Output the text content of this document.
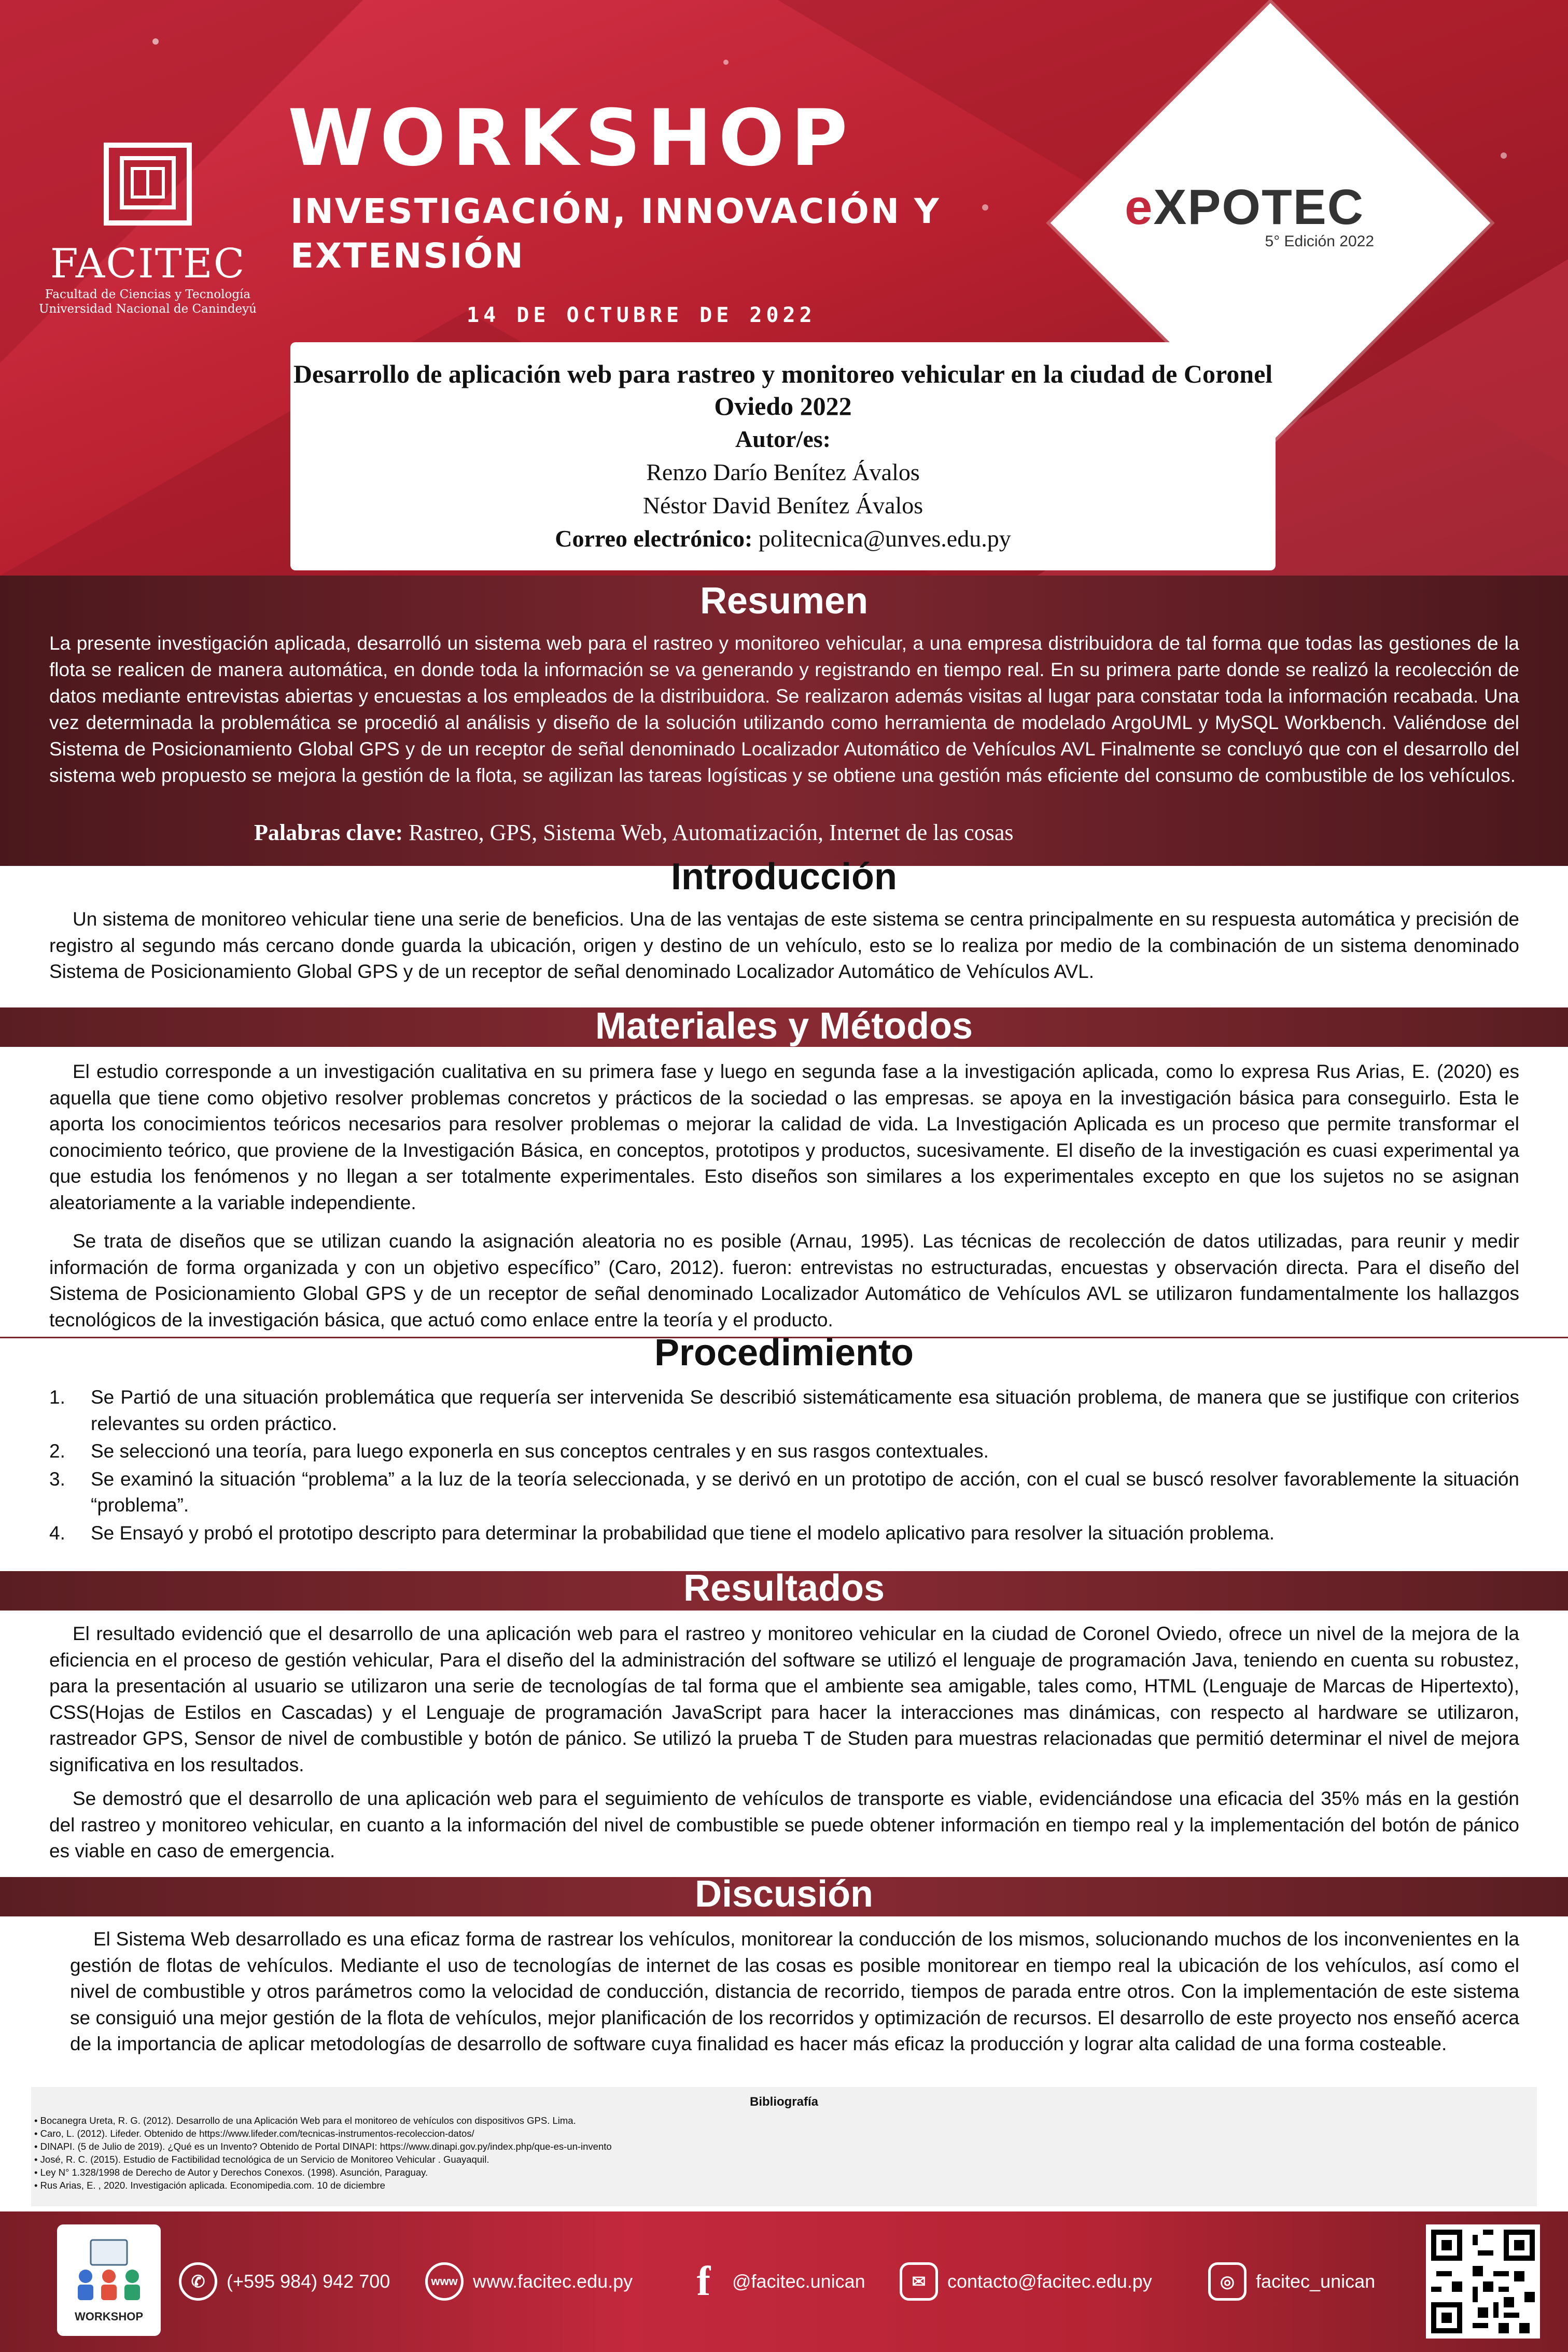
eXPOTEC
5° Edición 2022
FACITEC
Facultad de Ciencias y Tecnología
Universidad Nacional de Canindeyú
WORKSHOP
INVESTIGACIÓN, INNOVACIÓN Y
EXTENSIÓN
14 DE OCTUBRE DE 2022
Desarrollo de aplicación web para rastreo y monitoreo vehicular en la ciudad de Coronel Oviedo 2022
Autor/es:
Renzo Darío Benítez Ávalos
Néstor David Benítez Ávalos
Correo electrónico: politecnica@unves.edu.py
Resumen

La presente investigación aplicada, desarrolló un sistema web para el rastreo y monitoreo vehicular, a una empresa distribuidora de tal forma que todas las gestiones de la flota se realicen de manera automática, en donde toda la información se va generando y registrando en tiempo real. En su primera parte donde se realizó la recolección de datos mediante entrevistas abiertas y encuestas a los empleados de la distribuidora. Se realizaron además visitas al lugar para constatar toda la información recabada. Una vez determinada la problemática se procedió al análisis y diseño de la solución utilizando como herramienta de modelado ArgoUML y MySQL Workbench. Valiéndose del Sistema de Posicionamiento Global GPS y de un receptor de señal denominado Localizador Automático de Vehículos AVL Finalmente se concluyó que con el desarrollo del sistema web propuesto se mejora la gestión de la flota, se agilizan las tareas logísticas y se obtiene una gestión más eficiente del consumo de combustible de los vehículos.

Palabras clave: Rastreo, GPS, Sistema Web, Automatización, Internet de las cosas
Introducción

Un sistema de monitoreo vehicular tiene una serie de beneficios. Una de las ventajas de este sistema se centra principalmente en su respuesta automática y precisión de registro al segundo más cercano donde guarda la ubicación, origen y destino de un vehículo, esto se lo realiza por medio de la combinación de un sistema denominado Sistema de Posicionamiento Global GPS y de un receptor de señal denominado Localizador Automático de Vehículos AVL.

Materiales y Métodos

El estudio corresponde a un investigación cualitativa en su primera fase y luego en segunda fase a la investigación aplicada, como lo expresa Rus Arias, E. (2020) es aquella que tiene como objetivo resolver problemas concretos y prácticos de la sociedad o las empresas. se apoya en la investigación básica para conseguirlo. Esta le aporta los conocimientos teóricos necesarios para resolver problemas o mejorar la calidad de vida. La Investigación Aplicada es un proceso que permite transformar el conocimiento teórico, que proviene de la Investigación Básica, en conceptos, prototipos y productos, sucesivamente. El diseño de la investigación es cuasi experimental ya que estudia los fenómenos y no llegan a ser totalmente experimentales. Esto diseños son similares a los experimentales excepto en que los sujetos no se asignan aleatoriamente a la variable independiente.

Se trata de diseños que se utilizan cuando la asignación aleatoria no es posible (Arnau, 1995). Las técnicas de recolección de datos utilizadas, para reunir y medir información de forma organizada y con un objetivo específico” (Caro, 2012). fueron: entrevistas no estructuradas, encuestas y observación directa. Para el diseño del Sistema de Posicionamiento Global GPS y de un receptor de señal denominado Localizador Automático de Vehículos AVL se utilizaron fundamentalmente los hallazgos tecnológicos de la investigación básica, que actuó como enlace entre la teoría y el producto.

Procedimiento
1. Se Partió de una situación problemática que requería ser intervenida Se describió sistemáticamente esa situación problema, de manera que se justifique con criterios relevantes su orden práctico.
2. Se seleccionó una teoría, para luego exponerla en sus conceptos centrales y en sus rasgos contextuales.
3. Se examinó la situación “problema” a la luz de la teoría seleccionada, y se derivó en un prototipo de acción, con el cual se buscó resolver favorablemente la situación “problema”.
4. Se Ensayó y probó el prototipo descripto para determinar la probabilidad que tiene el modelo aplicativo para resolver la situación problema.
Resultados

El resultado evidenció que el desarrollo de una aplicación web para el rastreo y monitoreo vehicular en la ciudad de Coronel Oviedo, ofrece un nivel de la mejora de la eficiencia en el proceso de gestión vehicular, Para el diseño del la administración del software se utilizó el lenguaje de programación Java, teniendo en cuenta su robustez, para la presentación al usuario se utilizaron una serie de tecnologías de tal forma que el ambiente sea amigable, tales como, HTML (Lenguaje de Marcas de Hipertexto), CSS(Hojas de Estilos en Cascadas) y el Lenguaje de programación JavaScript para hacer la interacciones mas dinámicas, con respecto al hardware se utilizaron, rastreador GPS, Sensor de nivel de combustible y botón de pánico. Se utilizó la prueba T de Studen para muestras relacionadas que permitió determinar el nivel de mejora significativa en los resultados.

Se demostró que el desarrollo de una aplicación web para el seguimiento de vehículos de transporte es viable, evidenciándose una eficacia del 35% más en la gestión del rastreo y monitoreo vehicular, en cuanto a la información del nivel de combustible se puede obtener información en tiempo real y la implementación del botón de pánico es viable en caso de emergencia.

Discusión

El Sistema Web desarrollado es una eficaz forma de rastrear los vehículos, monitorear la conducción de los mismos, solucionando muchos de los inconvenientes en la gestión de flotas de vehículos. Mediante el uso de tecnologías de internet de las cosas es posible monitorear en tiempo real la ubicación de los vehículos, así como el nivel de combustible y otros parámetros como la velocidad de conducción, distancia de recorrido, tiempos de parada entre otros. Con la implementación de este sistema se consiguió una mejor gestión de la flota de vehículos, mejor planificación de los recorridos y optimización de recursos. El desarrollo de este proyecto nos enseñó acerca de la importancia de aplicar metodologías de desarrollo de software cuya finalidad es hacer más eficaz la producción y lograr alta calidad de una forma costeable.

Bibliografía
• Bocanegra Ureta, R. G. (2012). Desarrollo de una Aplicación Web para el monitoreo de vehículos con dispositivos GPS. Lima.
• Caro, L. (2012). Lifeder. Obtenido de https://www.lifeder.com/tecnicas-instrumentos-recoleccion-datos/
• DINAPI. (5 de Julio de 2019). ¿Qué es un Invento? Obtenido de Portal DINAPI: https://www.dinapi.gov.py/index.php/que-es-un-invento
• José, R. C. (2015). Estudio de Factibilidad tecnológica de un Servicio de Monitoreo Vehicular . Guayaquil.
• Ley N° 1.328/1998 de Derecho de Autor y Derechos Conexos. (1998). Asunción, Paraguay.
• Rus Arias, E. , 2020. Investigación aplicada. Economipedia.com. 10 de diciembre
WORKSHOP
✆	(+595 984) 942 700	www www.facitec.edu.py f	@facitec.unican	✉	contacto@facitec.edu.py	◎	facitec_unican
